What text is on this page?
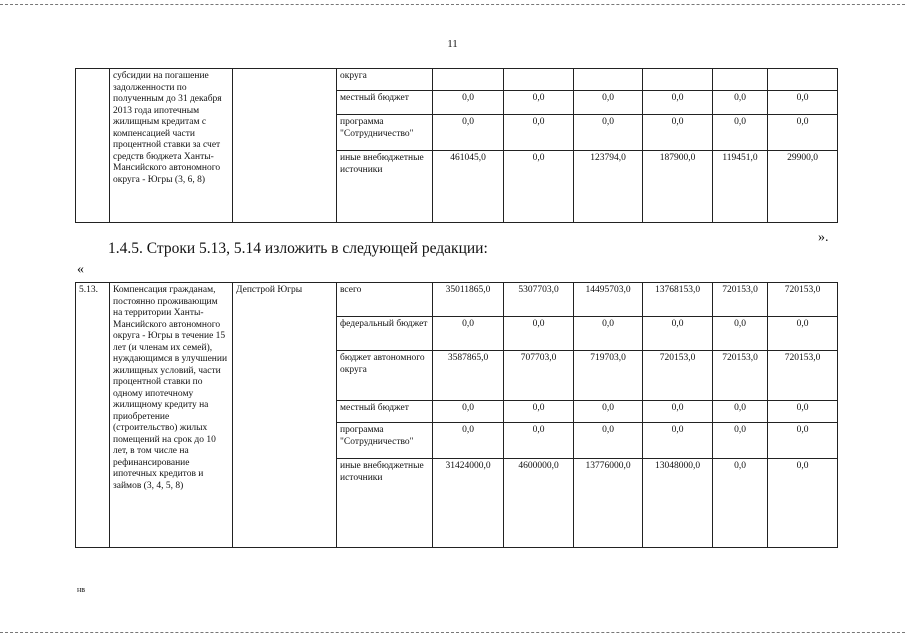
11
	субсидии на погашение задолженности по полученным до 31 декабря 2013 года ипотечным жилищным кредитам с компенсацией части процентной ставки за счет средств бюджета Ханты-Мансийского автономного округа - Югры (3, 6, 8)		округа						
			местный бюджет	0,0	0,0	0,0	0,0	0,0	0,0
			программа "Сотрудничество"	0,0	0,0	0,0	0,0	0,0	0,0
			иные внебюджетные источники	461045,0	0,0	123794,0	187900,0	119451,0	29900,0
».
1.4.5. Строки 5.13, 5.14 изложить в следующей редакции:
«
5.13.	Компенсация гражданам, постоянно проживающим на территории Ханты-Мансийского автономного округа - Югры в течение 15 лет (и членам их семей), нуждающимся в улучшении жилищных условий, части процентной ставки по одному ипотечному жилищному кредиту на приобретение (строительство) жилых помещений на срок до 10 лет, в том числе на рефинансирование ипотечных кредитов и займов (3, 4, 5, 8)	Депстрой Югры	всего	35011865,0	5307703,0	14495703,0	13768153,0	720153,0	720153,0
			федеральный бюджет	0,0	0,0	0,0	0,0	0,0	0,0
			бюджет автономного округа	3587865,0	707703,0	719703,0	720153,0	720153,0	720153,0
			местный бюджет	0,0	0,0	0,0	0,0	0,0	0,0
			программа "Сотрудничество"	0,0	0,0	0,0	0,0	0,0	0,0
			иные внебюджетные источники	31424000,0	4600000,0	13776000,0	13048000,0	0,0	0,0
нв
